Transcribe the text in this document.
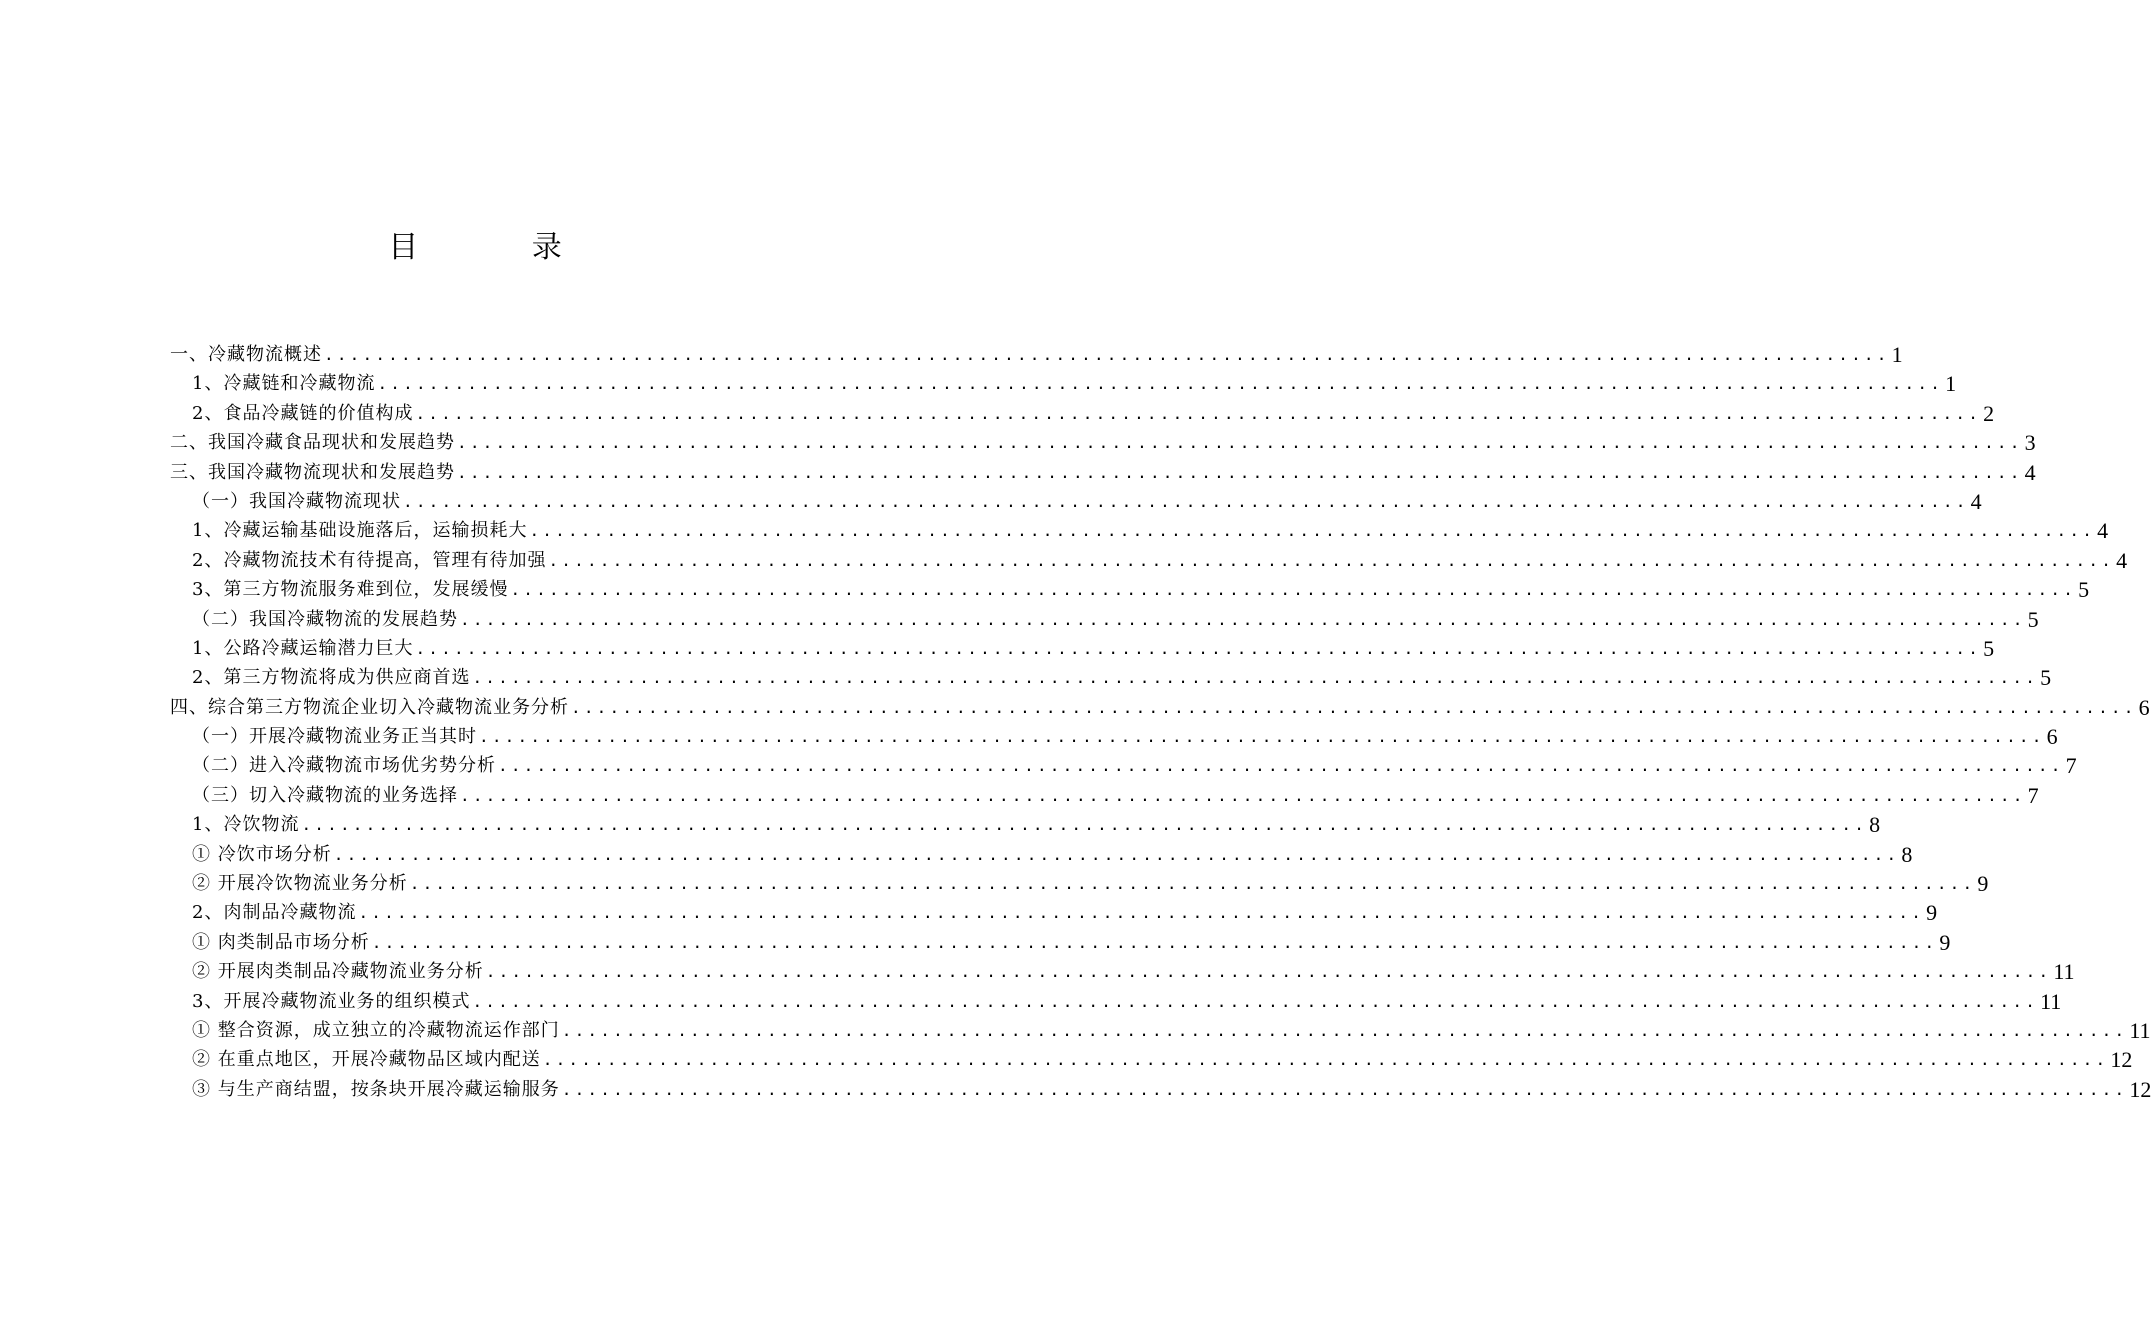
目 录
一、冷藏物流概述 .......................................................................................................................... 1
1、冷藏链和冷藏物流 .......................................................................................................................... 1
2、食品冷藏链的价值构成 .......................................................................................................................... 2
二、我国冷藏食品现状和发展趋势 .......................................................................................................................... 3
三、我国冷藏物流现状和发展趋势 .......................................................................................................................... 4
（一）我国冷藏物流现状 .......................................................................................................................... 4
1、冷藏运输基础设施落后，运输损耗大 .......................................................................................................................... 4
2、冷藏物流技术有待提高，管理有待加强 .......................................................................................................................... 4
3、第三方物流服务难到位，发展缓慢 .......................................................................................................................... 5
（二）我国冷藏物流的发展趋势 .......................................................................................................................... 5
1、公路冷藏运输潜力巨大 .......................................................................................................................... 5
2、第三方物流将成为供应商首选 .......................................................................................................................... 5
四、综合第三方物流企业切入冷藏物流业务分析 .......................................................................................................................... 6
（一）开展冷藏物流业务正当其时 .......................................................................................................................... 6
（二）进入冷藏物流市场优劣势分析 .......................................................................................................................... 7
（三）切入冷藏物流的业务选择 .......................................................................................................................... 7
1、冷饮物流 .......................................................................................................................... 8
① 冷饮市场分析 .......................................................................................................................... 8
② 开展冷饮物流业务分析 .......................................................................................................................... 9
2、肉制品冷藏物流 .......................................................................................................................... 9
① 肉类制品市场分析 .......................................................................................................................... 9
② 开展肉类制品冷藏物流业务分析 .......................................................................................................................... 11
3、开展冷藏物流业务的组织模式 .......................................................................................................................... 11
① 整合资源，成立独立的冷藏物流运作部门 .......................................................................................................................... 11
② 在重点地区，开展冷藏物品区域内配送 .......................................................................................................................... 12
③ 与生产商结盟，按条块开展冷藏运输服务 .......................................................................................................................... 12
